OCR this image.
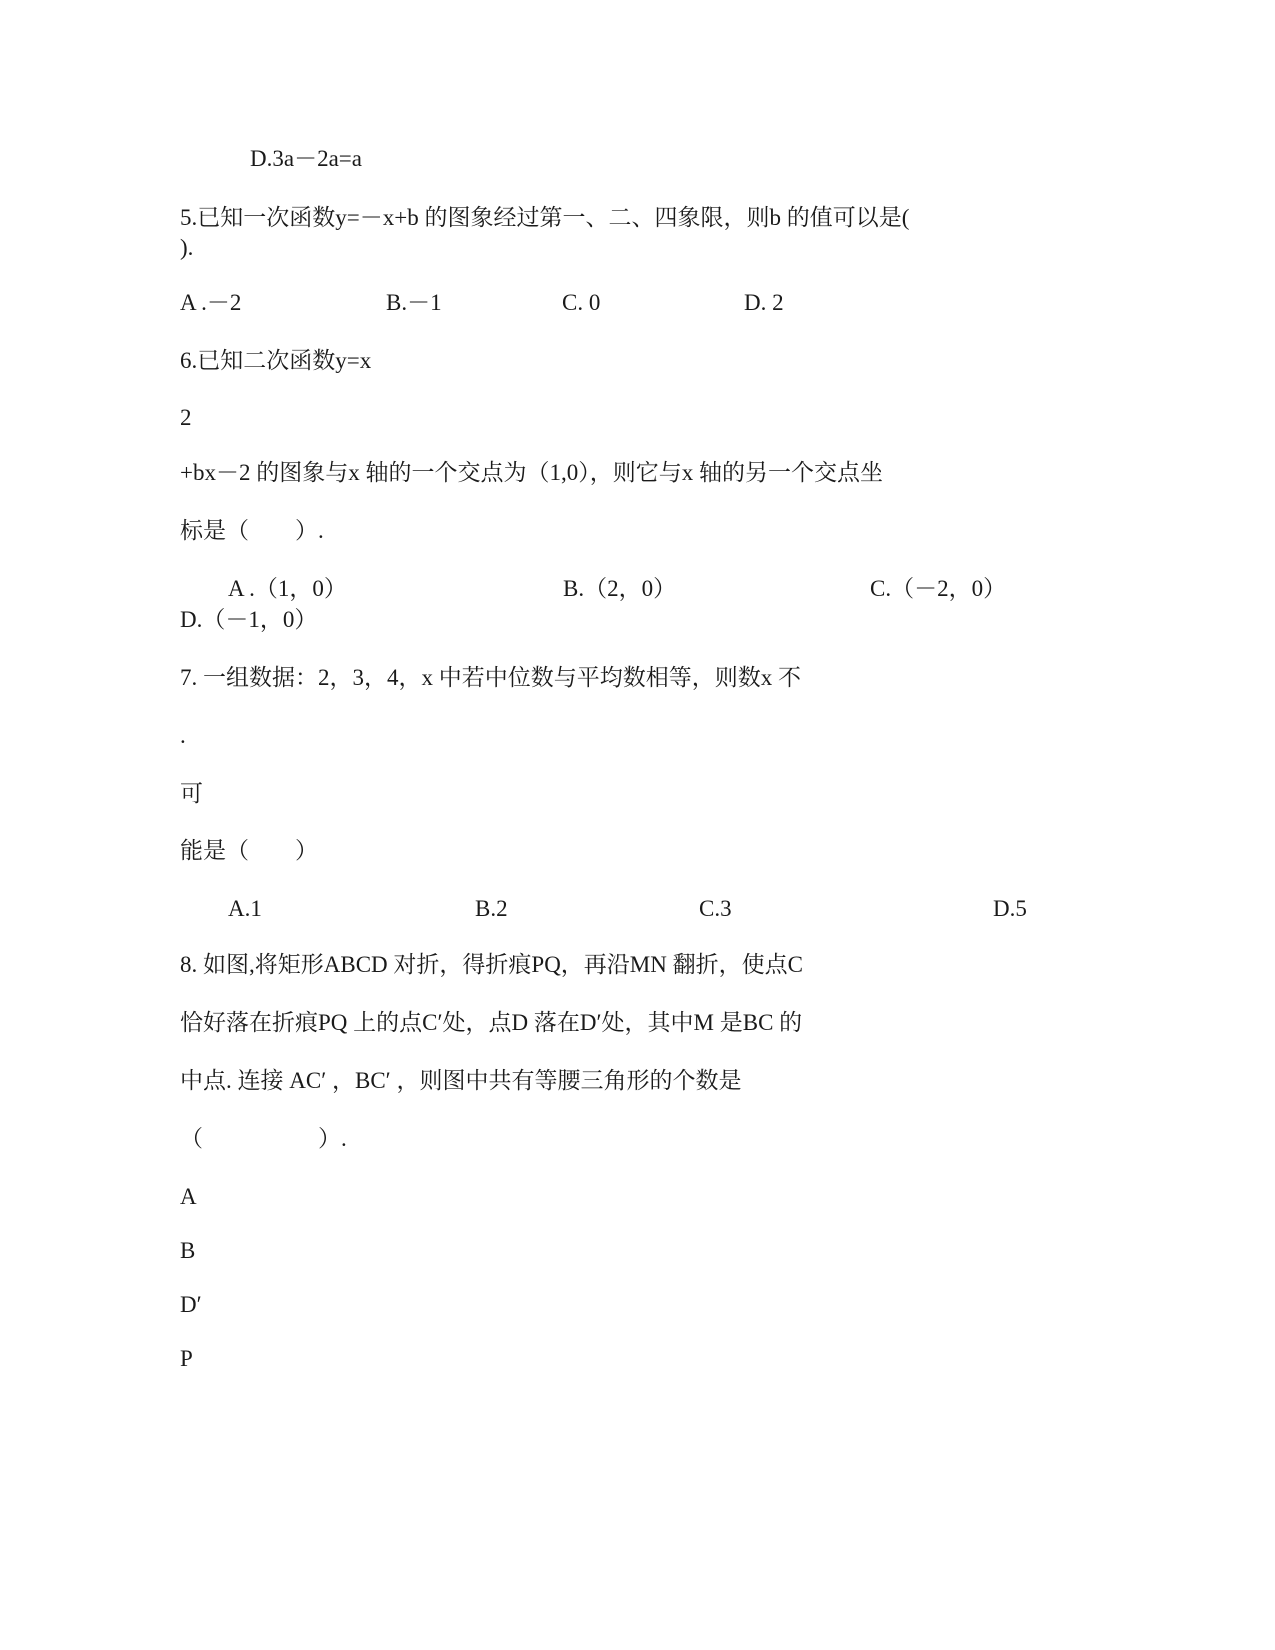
D.3a－2a=a
5.已知一次函数y=－x+b 的图象经过第一、二、四象限，则b 的值可以是(
).
A .－2	B.－1	C. 0	D. 2
6.已知二次函数y=x
2
+bx－2 的图象与x 轴的一个交点为（1,0），则它与x 轴的另一个交点坐
标是（　　）.
A .（1，0）	B.（2，0）	C.（－2，0）
D.（－1，0）
7. 一组数据：2，3，4，x 中若中位数与平均数相等，则数x 不
.
可
能是（　　）
A.1	B.2	C.3	D.5
8. 如图,将矩形ABCD 对折，得折痕PQ，再沿MN 翻折，使点C
恰好落在折痕PQ 上的点C′处，点D 落在D′处，其中M 是BC 的
中点. 连接 AC′ ，BC′ ，则图中共有等腰三角形的个数是
（　　　　　）.
A
B
D′
P
